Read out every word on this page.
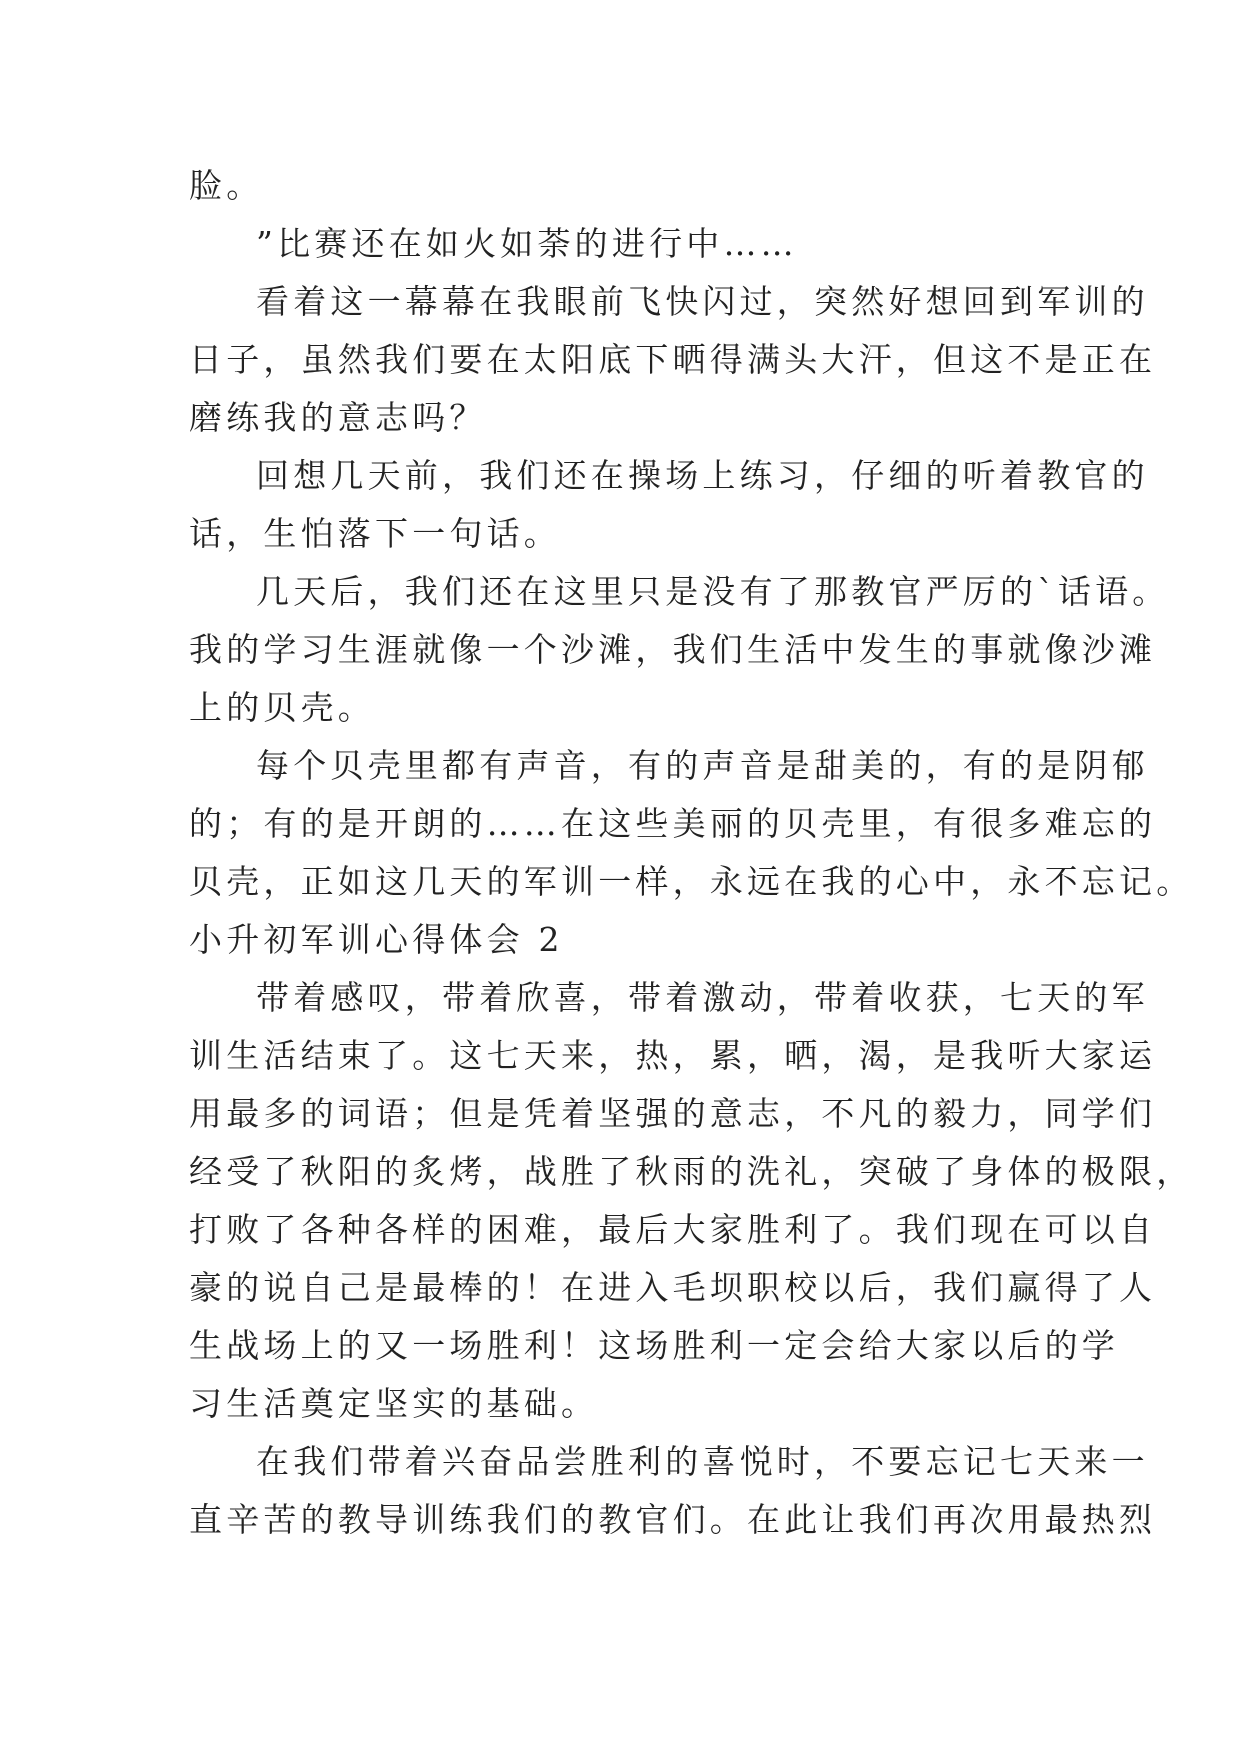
脸。
”比赛还在如火如荼的进行中……
看着这一幕幕在我眼前飞快闪过，突然好想回到军训的
日子，虽然我们要在太阳底下晒得满头大汗，但这不是正在
磨练我的意志吗？
回想几天前，我们还在操场上练习，仔细的听着教官的
话，生怕落下一句话。
几天后，我们还在这里只是没有了那教官严厉的`话语。
我的学习生涯就像一个沙滩，我们生活中发生的事就像沙滩
上的贝壳。
每个贝壳里都有声音，有的声音是甜美的，有的是阴郁
的；有的是开朗的……在这些美丽的贝壳里，有很多难忘的
贝壳，正如这几天的军训一样，永远在我的心中，永不忘记。
小升初军训心得体会 2
带着感叹，带着欣喜，带着激动，带着收获，七天的军
训生活结束了。这七天来，热，累，晒，渴，是我听大家运
用最多的词语；但是凭着坚强的意志，不凡的毅力，同学们
经受了秋阳的炙烤，战胜了秋雨的洗礼，突破了身体的极限，
打败了各种各样的困难，最后大家胜利了。我们现在可以自
豪的说自己是最棒的！在进入毛坝职校以后，我们赢得了人
生战场上的又一场胜利！这场胜利一定会给大家以后的学
习生活奠定坚实的基础。
在我们带着兴奋品尝胜利的喜悦时，不要忘记七天来一
直辛苦的教导训练我们的教官们。在此让我们再次用最热烈
